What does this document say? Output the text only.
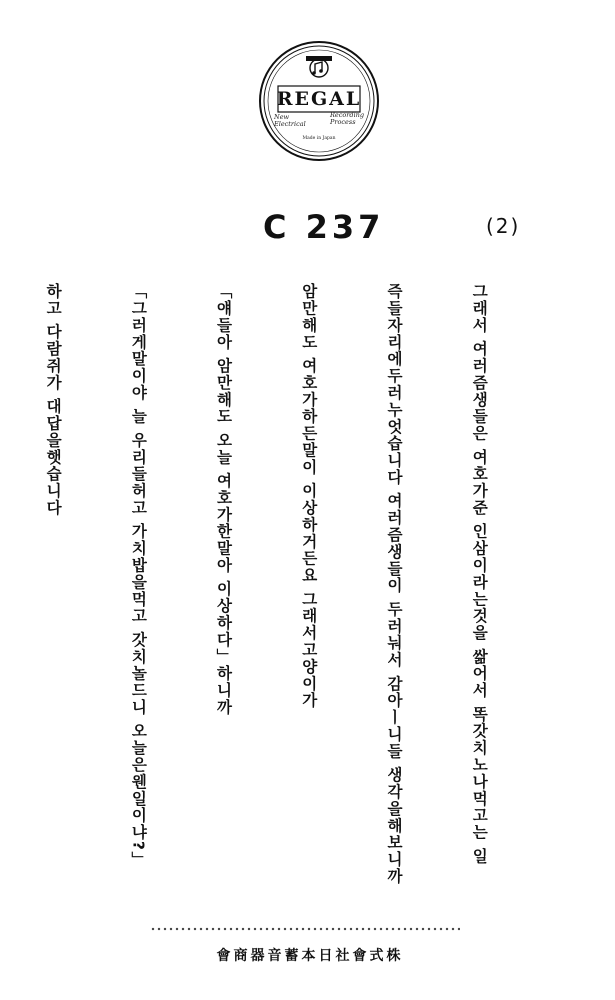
REGAL
New Electrical
Recording Process
Made in Japan
C 237	(2)

그래서 여러즘생들은 여호가준 인삼이라는것을 쌂어서 똑갓치노나먹고는 일

즉들자리에두러누엇습니다 여러즘생들이 두러눠서 감아ㅣ니들 생각을해보니까

암만해도 여호가하든말이 이상하거든요 그래서고양이가

「얘들아 암만해도 오늘 여호가한말아 이상하다」하니까

「그러게말이야 늘 우리들허고 가치밥을먹고 갓치놀드니 오늘은웬일이냐?」

하고 다람쥐가 대답을햇습니다

會商器音蓄本日社會式株
